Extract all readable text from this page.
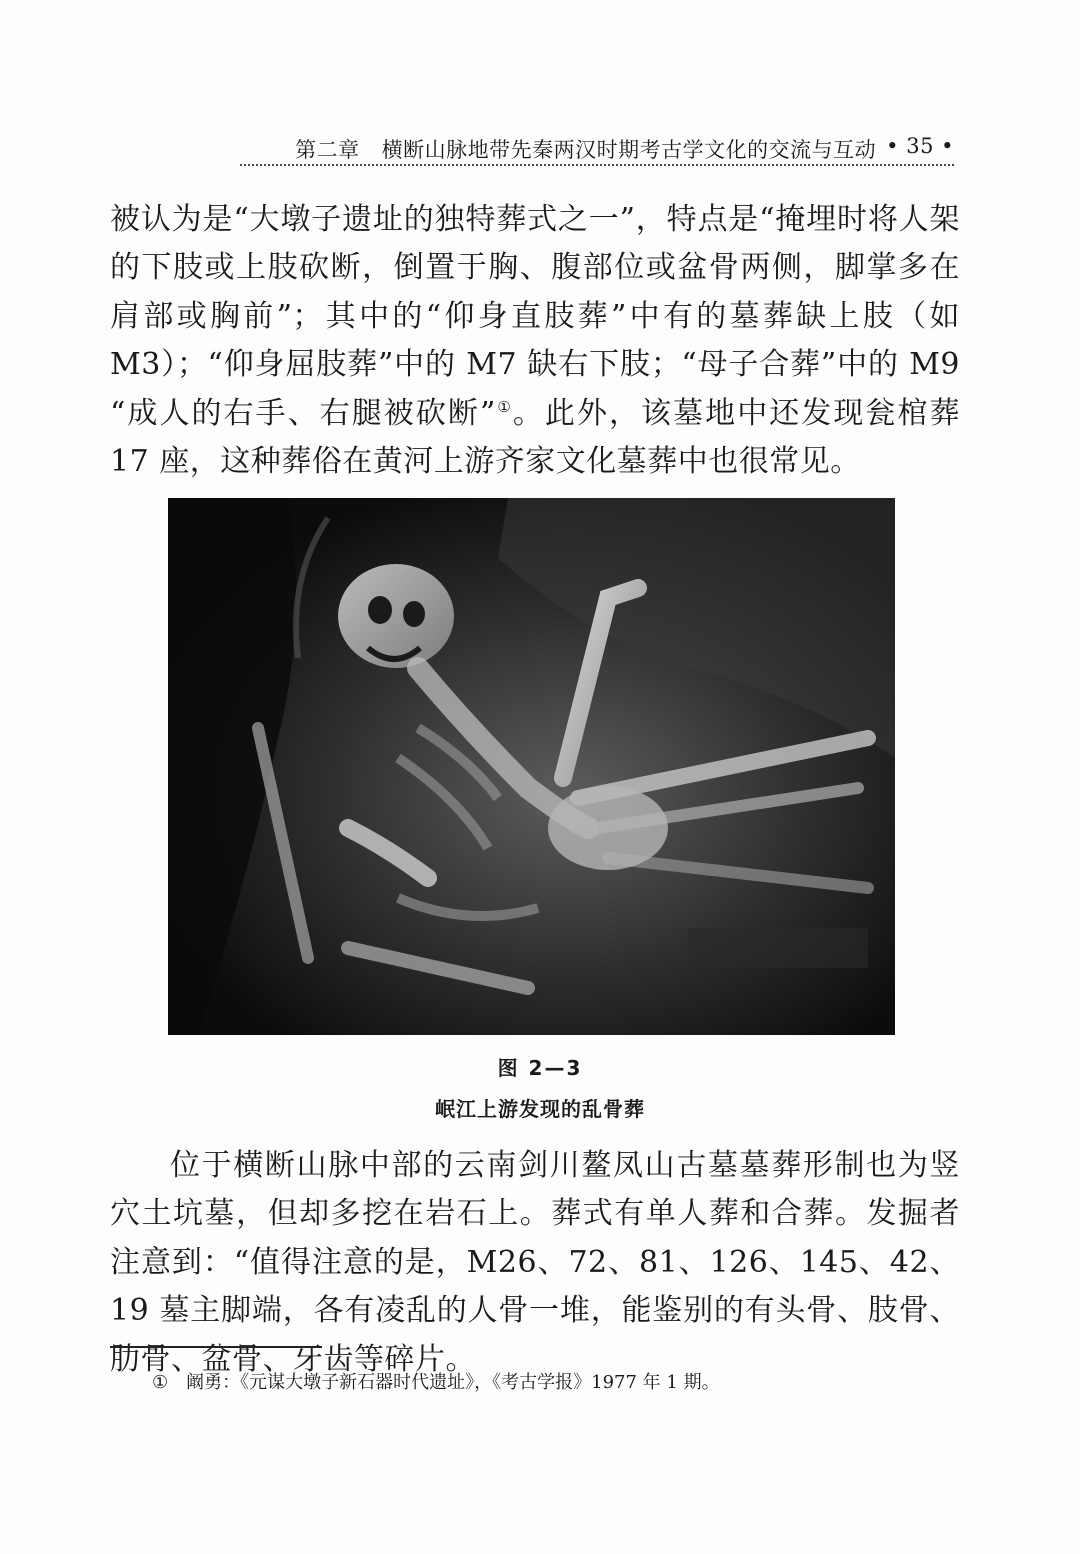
第二章 横断山脉地带先秦两汉时期考古学文化的交流与互动 • 35 •
被认为是“大墩子遗址的独特葬式之一”，特点是“掩埋时将人架的下肢或上肢砍断，倒置于胸、腹部位或盆骨两侧，脚掌多在肩部或胸前”；其中的“仰身直肢葬”中有的墓葬缺上肢（如 M3）；“仰身屈肢葬”中的 M7 缺右下肢；“母子合葬”中的 M9 “成人的右手、右腿被砍断”①。此外，该墓地中还发现瓮棺葬 17 座，这种葬俗在黄河上游齐家文化墓葬中也很常见。
图 2—3
岷江上游发现的乱骨葬
位于横断山脉中部的云南剑川鳌凤山古墓墓葬形制也为竖穴土坑墓，但却多挖在岩石上。葬式有单人葬和合葬。发掘者注意到：“值得注意的是，M26、72、81、126、145、42、19 墓主脚端，各有凌乱的人骨一堆，能鉴别的有头骨、肢骨、肋骨、盆骨、牙齿等碎片。
① 阚勇：《元谋大墩子新石器时代遗址》，《考古学报》1977 年 1 期。
